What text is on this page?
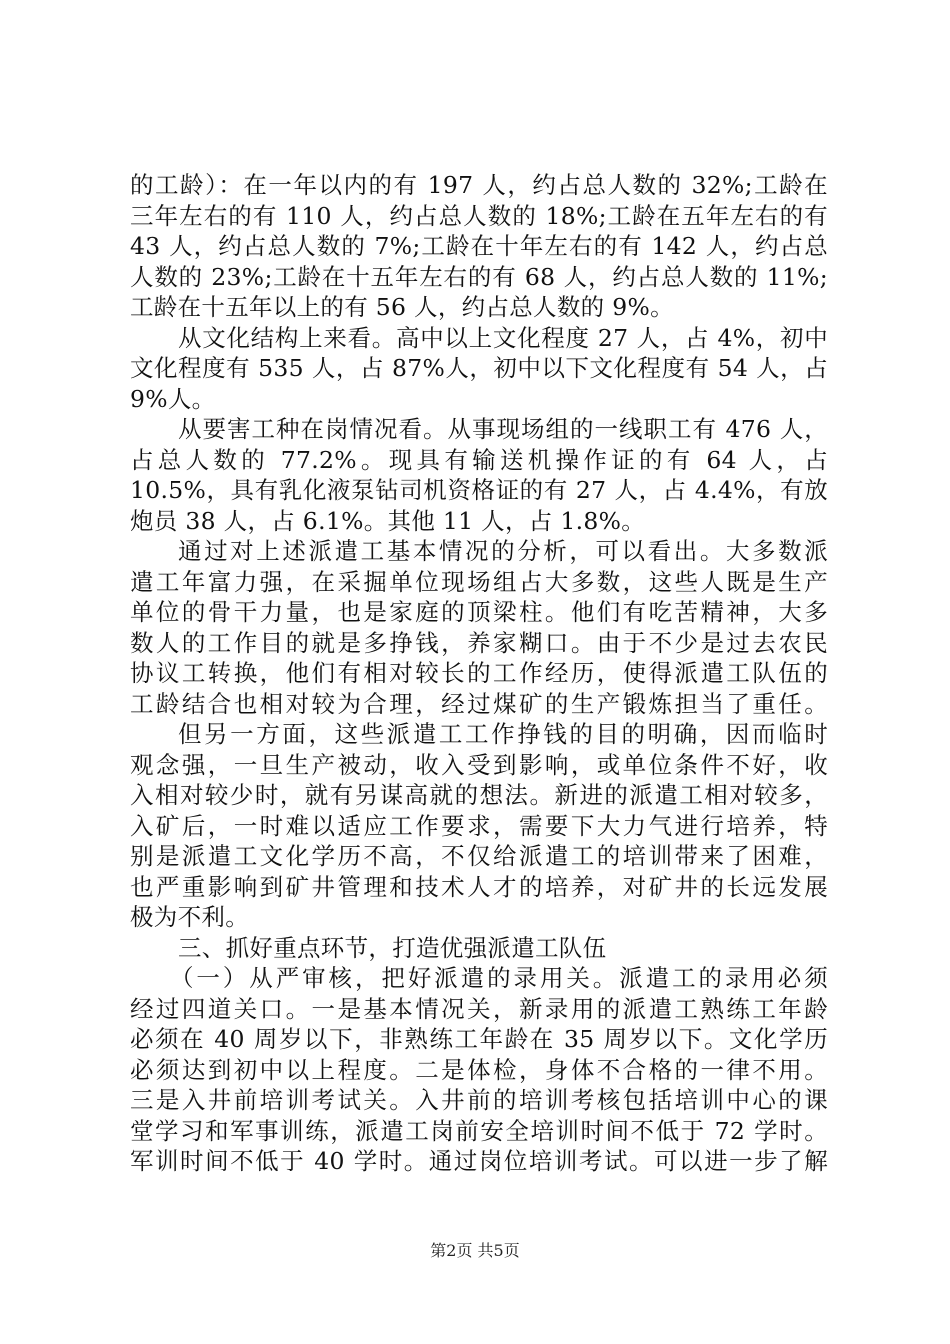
的工龄）：在一年以内的有 197 人，约占总人数的 32%;工龄在
三年左右的有 110 人，约占总人数的 18%;工龄在五年左右的有
43 人，约占总人数的 7%;工龄在十年左右的有 142 人，约占总
人数的 23%;工龄在十五年左右的有 68 人，约占总人数的 11%;
工龄在十五年以上的有 56 人，约占总人数的 9%。
从文化结构上来看。高中以上文化程度 27 人，占 4%，初中
文化程度有 535 人，占 87%人，初中以下文化程度有 54 人，占
9%人。
从要害工种在岗情况看。从事现场组的一线职工有 476 人，
占总人数的 77.2%。现具有输送机操作证的有 64 人，占
10.5%，具有乳化液泵钻司机资格证的有 27 人，占 4.4%，有放
炮员 38 人，占 6.1%。其他 11 人，占 1.8%。
通过对上述派遣工基本情况的分析，可以看出。大多数派
遣工年富力强，在采掘单位现场组占大多数，这些人既是生产
单位的骨干力量，也是家庭的顶梁柱。他们有吃苦精神，大多
数人的工作目的就是多挣钱，养家糊口。由于不少是过去农民
协议工转换，他们有相对较长的工作经历，使得派遣工队伍的
工龄结合也相对较为合理，经过煤矿的生产锻炼担当了重任。
但另一方面，这些派遣工工作挣钱的目的明确，因而临时
观念强，一旦生产被动，收入受到影响，或单位条件不好，收
入相对较少时，就有另谋高就的想法。新进的派遣工相对较多，
入矿后，一时难以适应工作要求，需要下大力气进行培养，特
别是派遣工文化学历不高，不仅给派遣工的培训带来了困难，
也严重影响到矿井管理和技术人才的培养，对矿井的长远发展
极为不利。
三、抓好重点环节，打造优强派遣工队伍
（一）从严审核，把好派遣的录用关。派遣工的录用必须
经过四道关口。一是基本情况关，新录用的派遣工熟练工年龄
必须在 40 周岁以下，非熟练工年龄在 35 周岁以下。文化学历
必须达到初中以上程度。二是体检，身体不合格的一律不用。
三是入井前培训考试关。入井前的培训考核包括培训中心的课
堂学习和军事训练，派遣工岗前安全培训时间不低于 72 学时。
军训时间不低于 40 学时。通过岗位培训考试。可以进一步了解
第2页 共5页
